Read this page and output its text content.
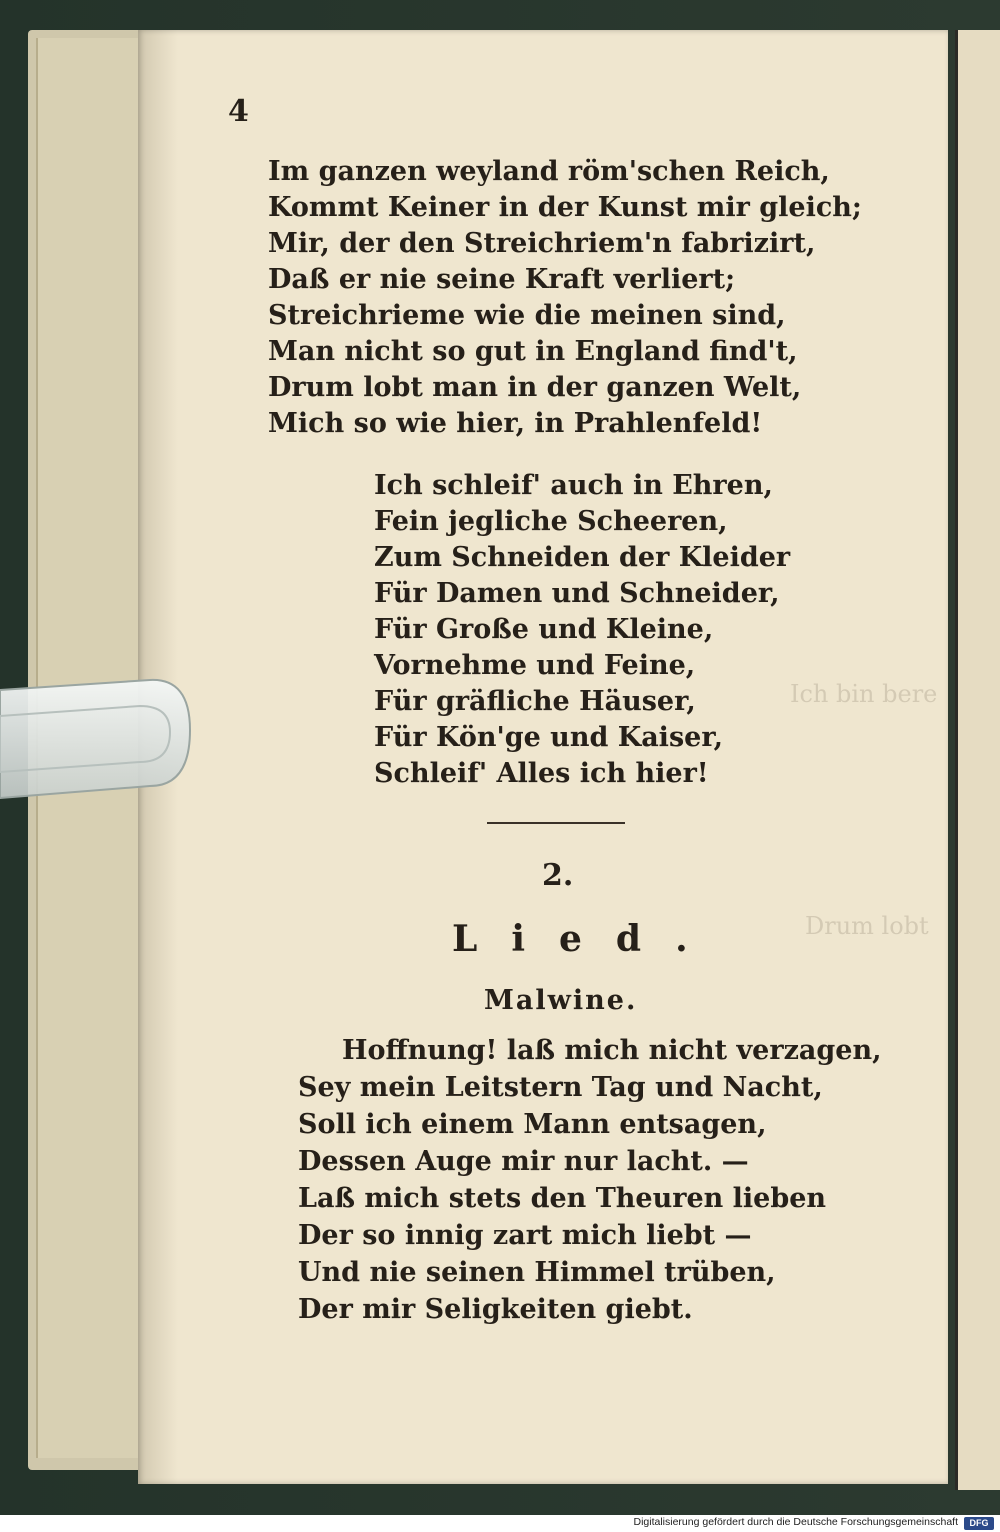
Ich bin bere
Drum lobt
4
Im ganzen weyland röm'schen Reich,
Kommt Keiner in der Kunst mir gleich;
Mir, der den Streichriem'n fabrizirt,
Daß er nie seine Kraft verliert;
Streichrieme wie die meinen sind,
Man nicht so gut in England find't,
Drum lobt man in der ganzen Welt,
Mich so wie hier, in Prahlenfeld!
Ich schleif' auch in Ehren,
Fein jegliche Scheeren,
Zum Schneiden der Kleider
Für Damen und Schneider,
Für Große und Kleine,
Vornehme und Feine,
Für gräfliche Häuser,
Für Kön'ge und Kaiser,
Schleif' Alles ich hier!
2.
Lied.
Malwine.
Hoffnung! laß mich nicht verzagen,
Sey mein Leitstern Tag und Nacht,
Soll ich einem Mann entsagen,
Dessen Auge mir nur lacht. —
Laß mich stets den Theuren lieben
Der so innig zart mich liebt —
Und nie seinen Himmel trüben,
Der mir Seligkeiten giebt.
Digitalisierung gefördert durch die Deutsche Forschungsgemeinschaft	DFG
